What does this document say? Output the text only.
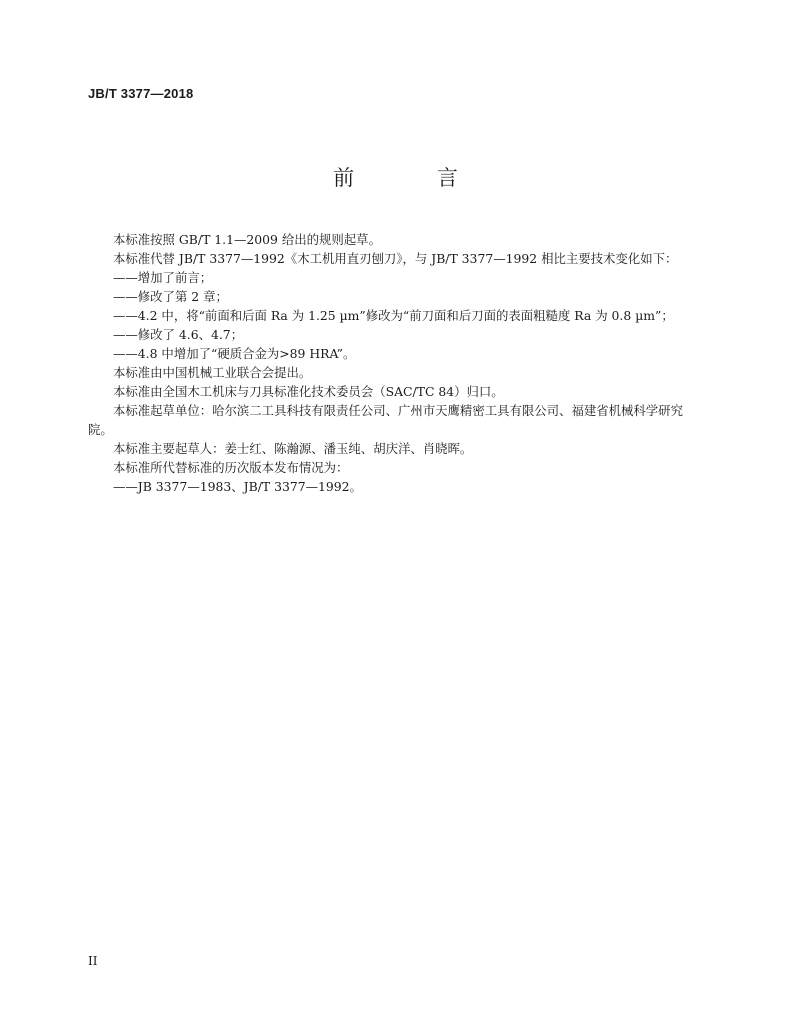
JB/T 3377—2018
前 言

本标准按照 GB/T 1.1—2009 给出的规则起草。

本标准代替 JB/T 3377—1992《木工机用直刃刨刀》，与 JB/T 3377—1992 相比主要技术变化如下：

——增加了前言；

——修改了第 2 章；

——4.2 中，将“前面和后面 Ra 为 1.25 µm”修改为“前刀面和后刀面的表面粗糙度 Ra 为 0.8 µm”；

——修改了 4.6、4.7；

——4.8 中增加了“硬质合金为>89 HRA”。

本标准由中国机械工业联合会提出。

本标准由全国木工机床与刀具标准化技术委员会（SAC/TC 84）归口。

本标准起草单位：哈尔滨二工具科技有限责任公司、广州市天鹰精密工具有限公司、福建省机械科学研究院。

本标准主要起草人：姜士红、陈瀚源、潘玉纯、胡庆洋、肖晓晖。

本标准所代替标准的历次版本发布情况为：

——JB 3377—1983、JB/T 3377—1992。

II
